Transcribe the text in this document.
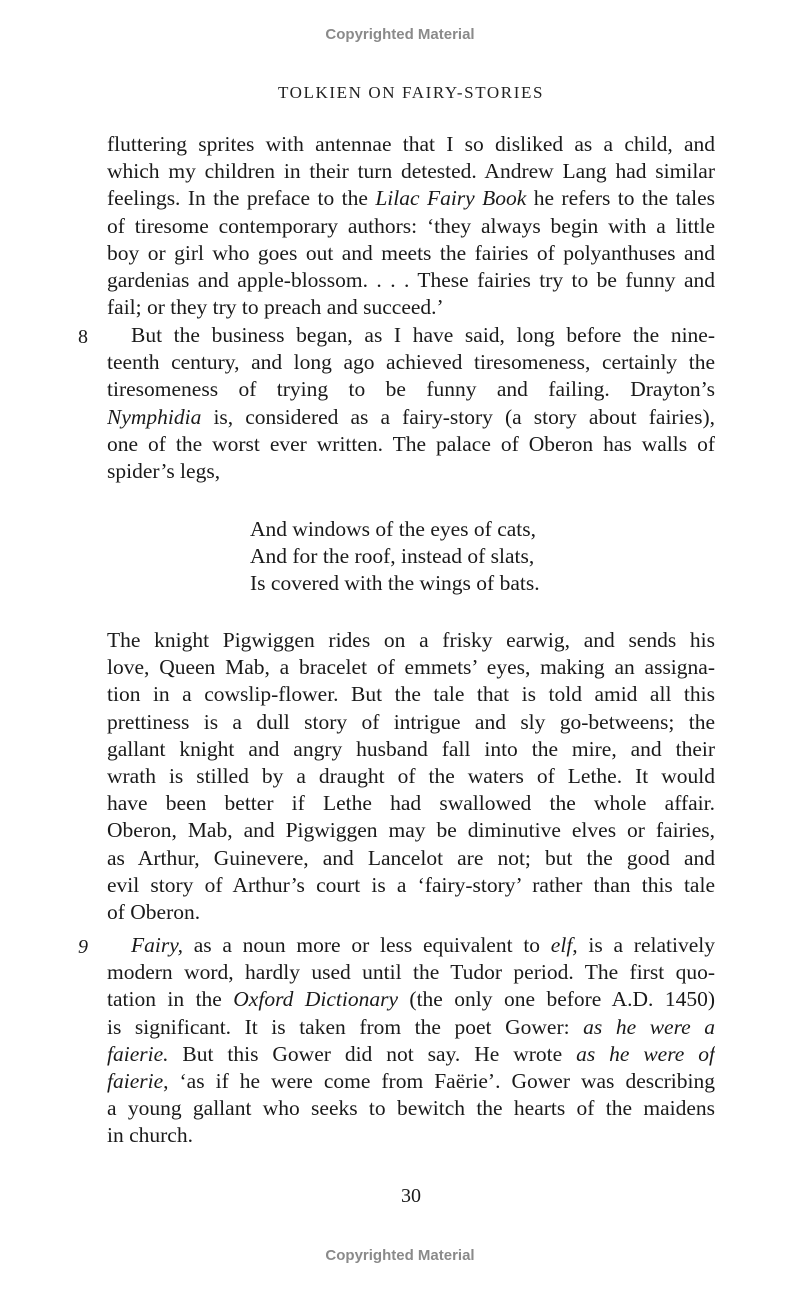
Copyrighted Material
TOLKIEN ON FAIRY-STORIES
fluttering sprites with antennae that I so disliked as a child, and
which my children in their turn detested. Andrew Lang had similar
feelings. In the preface to the Lilac Fairy Book he refers to the tales
of tiresome contemporary authors: ‘they always begin with a little
boy or girl who goes out and meets the fairies of polyanthuses and
gardenias and apple-blossom. . . . These fairies try to be funny and
fail; or they try to preach and succeed.’
8	But the business began, as I have said, long before the nine-
teenth century, and long ago achieved tiresomeness, certainly the
tiresomeness of trying to be funny and failing. Drayton’s
Nymphidia is, considered as a fairy-story (a story about fairies),
one of the worst ever written. The palace of Oberon has walls of
spider’s legs,
And windows of the eyes of cats,
And for the roof, instead of slats,
Is covered with the wings of bats.
The knight Pigwiggen rides on a frisky earwig, and sends his
love, Queen Mab, a bracelet of emmets’ eyes, making an assigna-
tion in a cowslip-flower. But the tale that is told amid all this
prettiness is a dull story of intrigue and sly go-betweens; the
gallant knight and angry husband fall into the mire, and their
wrath is stilled by a draught of the waters of Lethe. It would
have been better if Lethe had swallowed the whole affair.
Oberon, Mab, and Pigwiggen may be diminutive elves or fairies,
as Arthur, Guinevere, and Lancelot are not; but the good and
evil story of Arthur’s court is a ‘fairy-story’ rather than this tale
of Oberon.
9	Fairy, as a noun more or less equivalent to elf, is a relatively
modern word, hardly used until the Tudor period. The first quo-
tation in the Oxford Dictionary (the only one before A.D. 1450)
is significant. It is taken from the poet Gower: as he were a
faierie. But this Gower did not say. He wrote as he were of
faierie, ‘as if he were come from Faërie’. Gower was describing
a young gallant who seeks to bewitch the hearts of the maidens
in church.
30
Copyrighted Material
